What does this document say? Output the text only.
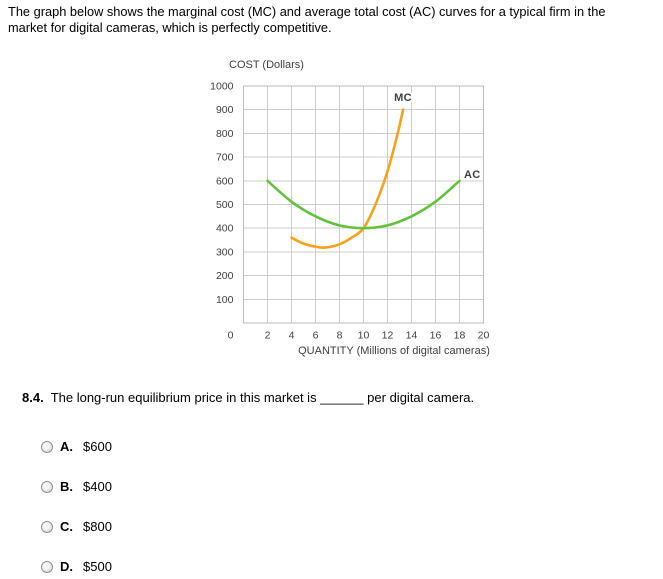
The graph below shows the marginal cost (MC) and average total cost (AC) curves for a typical firm in the
market for digital cameras, which is perfectly competitive.
100
200
300
400
500
600
700
800
900
1000
2 4 6 8 10 12 14 16 18 20
0
COST (Dollars)
QUANTITY (Millions of digital cameras)
MC
AC
8.4. The long-run equilibrium price in this market is ______ per digital camera.
A. $600
B. $400
C. $800
D. $500
